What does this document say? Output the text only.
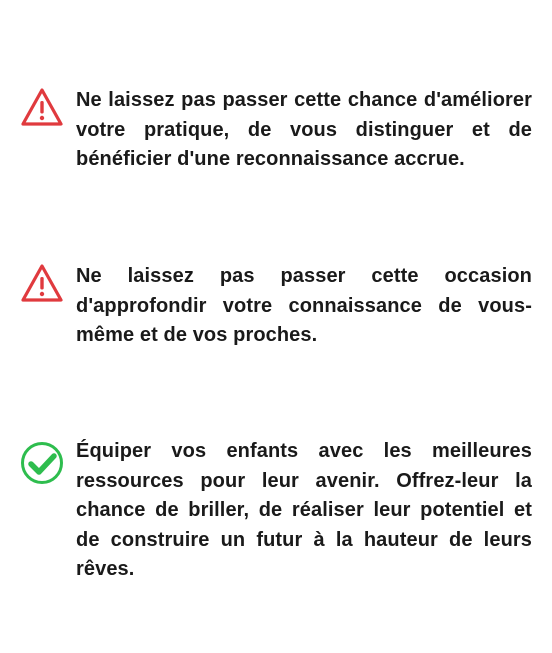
Ne laissez pas passer cette chance d'améliorer votre pratique, de vous distinguer et de bénéficier d'une reconnaissance accrue.
Ne laissez pas passer cette occasion d'approfondir votre connaissance de vous-même et de vos proches.
Équiper vos enfants avec les meilleures ressources pour leur avenir. Offrez-leur la chance de briller, de réaliser leur potentiel et de construire un futur à la hauteur de leurs rêves.
